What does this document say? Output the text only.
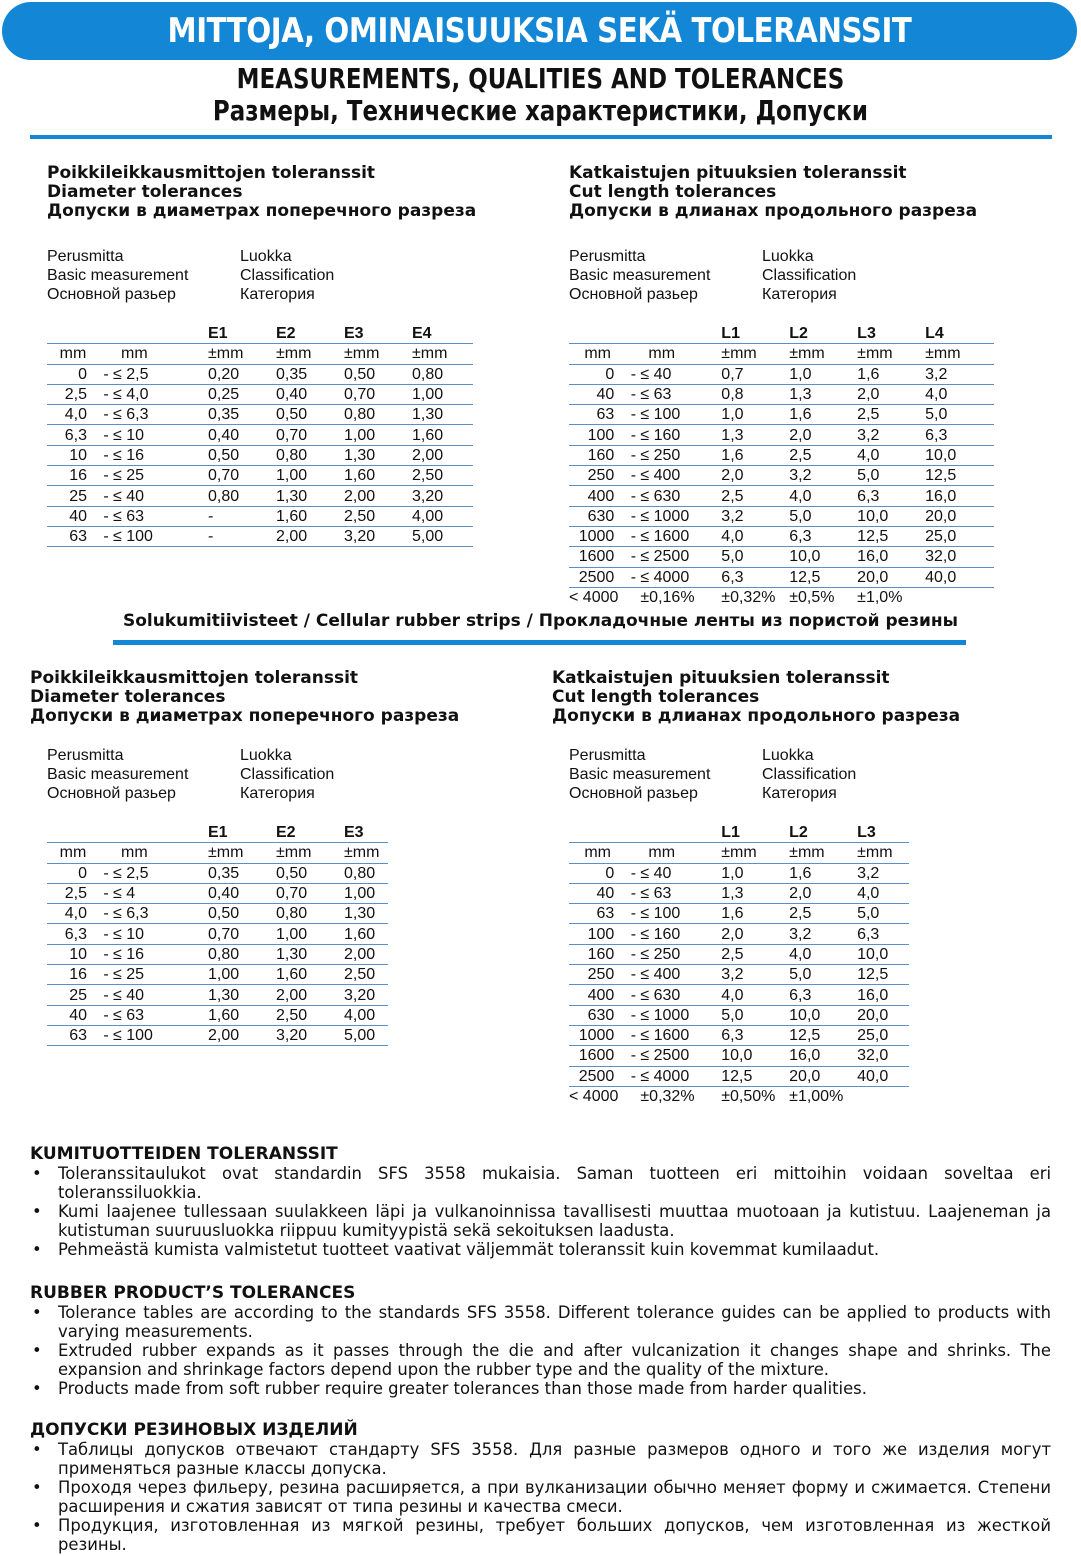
MITTOJA, OMINAISUUKSIA SEKÄ TOLERANSSIT
MEASUREMENTS, QUALITIES AND TOLERANCES
Размеры, Технические характеристики, Допуски
Poikkileikkausmittojen toleranssit
Diameter tolerances
Допуски в диаметрах поперечного разреза
Perusmitta	Luokka
Basic measurement	Classification
Основной разьер	Категория
Katkaistujen pituuksien toleranssit
Cut length tolerances
Допуски в длианах продольного разреза
Perusmitta	Luokka
Basic measurement	Classification
Основной разьер	Категория
			E1	E2	E3	E4	
mm		mm	±mm	±mm	±mm	±mm	
0	-	≤ 2,5	0,20	0,35	0,50	0,80	
2,5	-	≤ 4,0	0,25	0,40	0,70	1,00	
4,0	-	≤ 6,3	0,35	0,50	0,80	1,30	
6,3	-	≤ 10	0,40	0,70	1,00	1,60	
10	-	≤ 16	0,50	0,80	1,30	2,00	
16	-	≤ 25	0,70	1,00	1,60	2,50	
25	-	≤ 40	0,80	1,30	2,00	3,20	
40	-	≤ 63	-	1,60	2,50	4,00	
63	-	≤ 100	-	2,00	3,20	5,00	
			L1	L2	L3	L4	
mm		mm	±mm	±mm	±mm	±mm	
0	-	≤ 40	0,7	1,0	1,6	3,2	
40	-	≤ 63	0,8	1,3	2,0	4,0	
63	-	≤ 100	1,0	1,6	2,5	5,0	
100	-	≤ 160	1,3	2,0	3,2	6,3	
160	-	≤ 250	1,6	2,5	4,0	10,0	
250	-	≤ 400	2,0	3,2	5,0	12,5	
400	-	≤ 630	2,5	4,0	6,3	16,0	
630	-	≤ 1000	3,2	5,0	10,0	20,0	
1000	-	≤ 1600	4,0	6,3	12,5	25,0	
1600	-	≤ 2500	5,0	10,0	16,0	32,0	
2500	-	≤ 4000	6,3	12,5	20,0	40,0	
< 4000		±0,16%	±0,32%	±0,5%	±1,0%		
Solukumitiivisteet / Cellular rubber strips / Прокладочные ленты из пористой резины
Poikkileikkausmittojen toleranssit
Diameter tolerances
Допуски в диаметрах поперечного разреза
Perusmitta	Luokka
Basic measurement	Classification
Основной разьер	Категория
Katkaistujen pituuksien toleranssit
Cut length tolerances
Допуски в длианах продольного разреза
Perusmitta	Luokka
Basic measurement	Classification
Основной разьер	Категория
			E1	E2	E3	
mm		mm	±mm	±mm	±mm	
0	-	≤ 2,5	0,35	0,50	0,80	
2,5	-	≤ 4	0,40	0,70	1,00	
4,0	-	≤ 6,3	0,50	0,80	1,30	
6,3	-	≤ 10	0,70	1,00	1,60	
10	-	≤ 16	0,80	1,30	2,00	
16	-	≤ 25	1,00	1,60	2,50	
25	-	≤ 40	1,30	2,00	3,20	
40	-	≤ 63	1,60	2,50	4,00	
63	-	≤ 100	2,00	3,20	5,00	
			L1	L2	L3	
mm		mm	±mm	±mm	±mm	
0	-	≤ 40	1,0	1,6	3,2	
40	-	≤ 63	1,3	2,0	4,0	
63	-	≤ 100	1,6	2,5	5,0	
100	-	≤ 160	2,0	3,2	6,3	
160	-	≤ 250	2,5	4,0	10,0	
250	-	≤ 400	3,2	5,0	12,5	
400	-	≤ 630	4,0	6,3	16,0	
630	-	≤ 1000	5,0	10,0	20,0	
1000	-	≤ 1600	6,3	12,5	25,0	
1600	-	≤ 2500	10,0	16,0	32,0	
2500	-	≤ 4000	12,5	20,0	40,0	
< 4000		±0,32%	±0,50%	±1,00%		
KUMITUOTTEIDEN TOLERANSSIT
• Toleranssitaulukot ovat standardin SFS 3558 mukaisia. Saman tuotteen eri mittoihin voidaan soveltaa eri toleranssiluokkia.
• Kumi laajenee tullessaan suulakkeen läpi ja vulkanoinnissa tavallisesti muuttaa muotoaan ja kutistuu. Laajeneman ja kutistuman suuruusluokka riippuu kumityypistä sekä sekoituksen laadusta.
• Pehmeästä kumista valmistetut tuotteet vaativat väljemmät toleranssit kuin kovemmat kumilaadut.
RUBBER PRODUCT’S TOLERANCES
• Tolerance tables are according to the standards SFS 3558. Different tolerance guides can be applied to products with varying measurements.
• Extruded rubber expands as it passes through the die and after vulcanization it changes shape and shrinks. The expansion and shrinkage factors depend upon the rubber type and the quality of the mixture.
• Products made from soft rubber require greater tolerances than those made from harder qualities.
ДОПУСКИ РЕЗИНОВЫХ ИЗДЕЛИЙ
• Таблицы допусков отвечают стандарту SFS 3558. Для разные размеров одного и того же изделия могут применяться разные классы допуска.
• Проходя через фильеру, резина расширяется, а при вулканизации обычно меняет форму и сжимается. Степени расширения и сжатия зависят от типа резины и качества смеси.
• Продукция, изготовленная из мягкой резины, требует больших допусков, чем изготовленная из жесткой резины.
